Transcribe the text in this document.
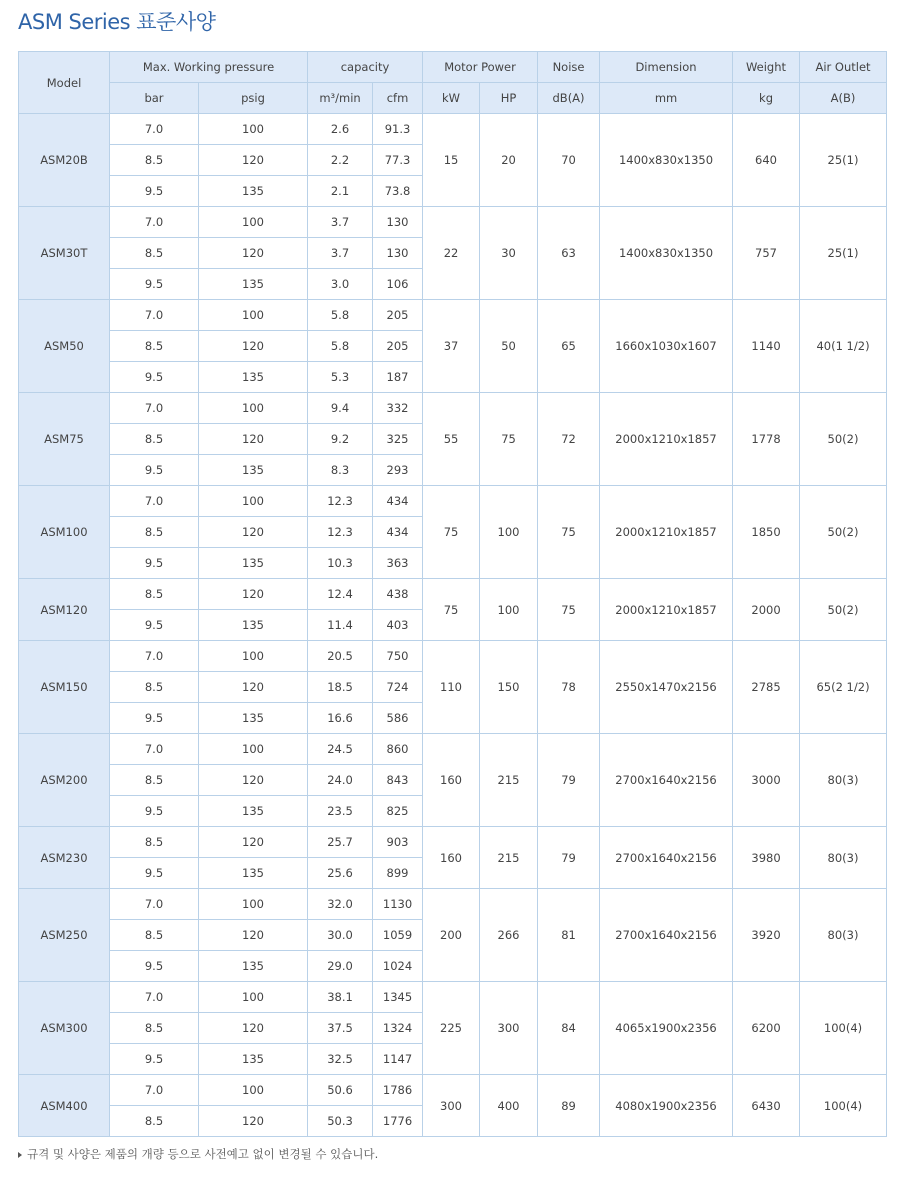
ASM Series 표준사양
Model	Max. Working pressure		capacity		Motor Power		Noise	Dimension	Weight	Air Outlet
	bar	psig	m³/min	cfm	kW	HP	dB(A)	mm	kg	A(B)
ASM20B	7.0	100	2.6	91.3	15	20	70	1400x830x1350	640	25(1)
	8.5	120	2.2	77.3						
	9.5	135	2.1	73.8						
ASM30T	7.0	100	3.7	130	22	30	63	1400x830x1350	757	25(1)
	8.5	120	3.7	130						
	9.5	135	3.0	106						
ASM50	7.0	100	5.8	205	37	50	65	1660x1030x1607	1140	40(1 1/2)
	8.5	120	5.8	205						
	9.5	135	5.3	187						
ASM75	7.0	100	9.4	332	55	75	72	2000x1210x1857	1778	50(2)
	8.5	120	9.2	325						
	9.5	135	8.3	293						
ASM100	7.0	100	12.3	434	75	100	75	2000x1210x1857	1850	50(2)
	8.5	120	12.3	434						
	9.5	135	10.3	363						
ASM120	8.5	120	12.4	438	75	100	75	2000x1210x1857	2000	50(2)
	9.5	135	11.4	403						
ASM150	7.0	100	20.5	750	110	150	78	2550x1470x2156	2785	65(2 1/2)
	8.5	120	18.5	724						
	9.5	135	16.6	586						
ASM200	7.0	100	24.5	860	160	215	79	2700x1640x2156	3000	80(3)
	8.5	120	24.0	843						
	9.5	135	23.5	825						
ASM230	8.5	120	25.7	903	160	215	79	2700x1640x2156	3980	80(3)
	9.5	135	25.6	899						
ASM250	7.0	100	32.0	1130	200	266	81	2700x1640x2156	3920	80(3)
	8.5	120	30.0	1059						
	9.5	135	29.0	1024						
ASM300	7.0	100	38.1	1345	225	300	84	4065x1900x2356	6200	100(4)
	8.5	120	37.5	1324						
	9.5	135	32.5	1147						
ASM400	7.0	100	50.6	1786	300	400	89	4080x1900x2356	6430	100(4)
	8.5	120	50.3	1776						
규격 및 사양은 제품의 개량 등으로 사전예고 없이 변경될 수 있습니다.
